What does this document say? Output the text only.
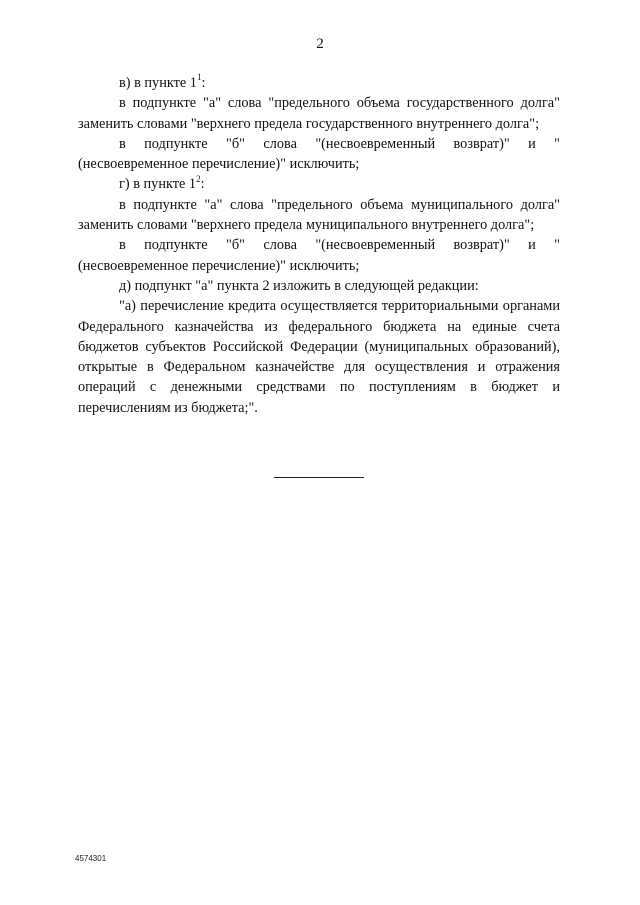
2

в) в пункте $1^1$:

в подпункте "а" слова "предельного объема государственного долга" заменить словами "верхнего предела государственного внутреннего долга";

в подпункте "б" слова "(несвоевременный возврат)" и "(несвоевременное перечисление)" исключить;

г) в пункте $1^2$:

в подпункте "а" слова "предельного объема муниципального долга" заменить словами "верхнего предела муниципального внутреннего долга";

в подпункте "б" слова "(несвоевременный возврат)" и "(несвоевременное перечисление)" исключить;

д) подпункт "а" пункта 2 изложить в следующей редакции:

"а) перечисление кредита осуществляется территориальными органами Федерального казначейства из федерального бюджета на единые счета бюджетов субъектов Российской Федерации (муниципальных образований), открытые в Федеральном казначействе для осуществления и отражения операций с денежными средствами по поступлениям в бюджет и перечислениям из бюджета;".

4574301
